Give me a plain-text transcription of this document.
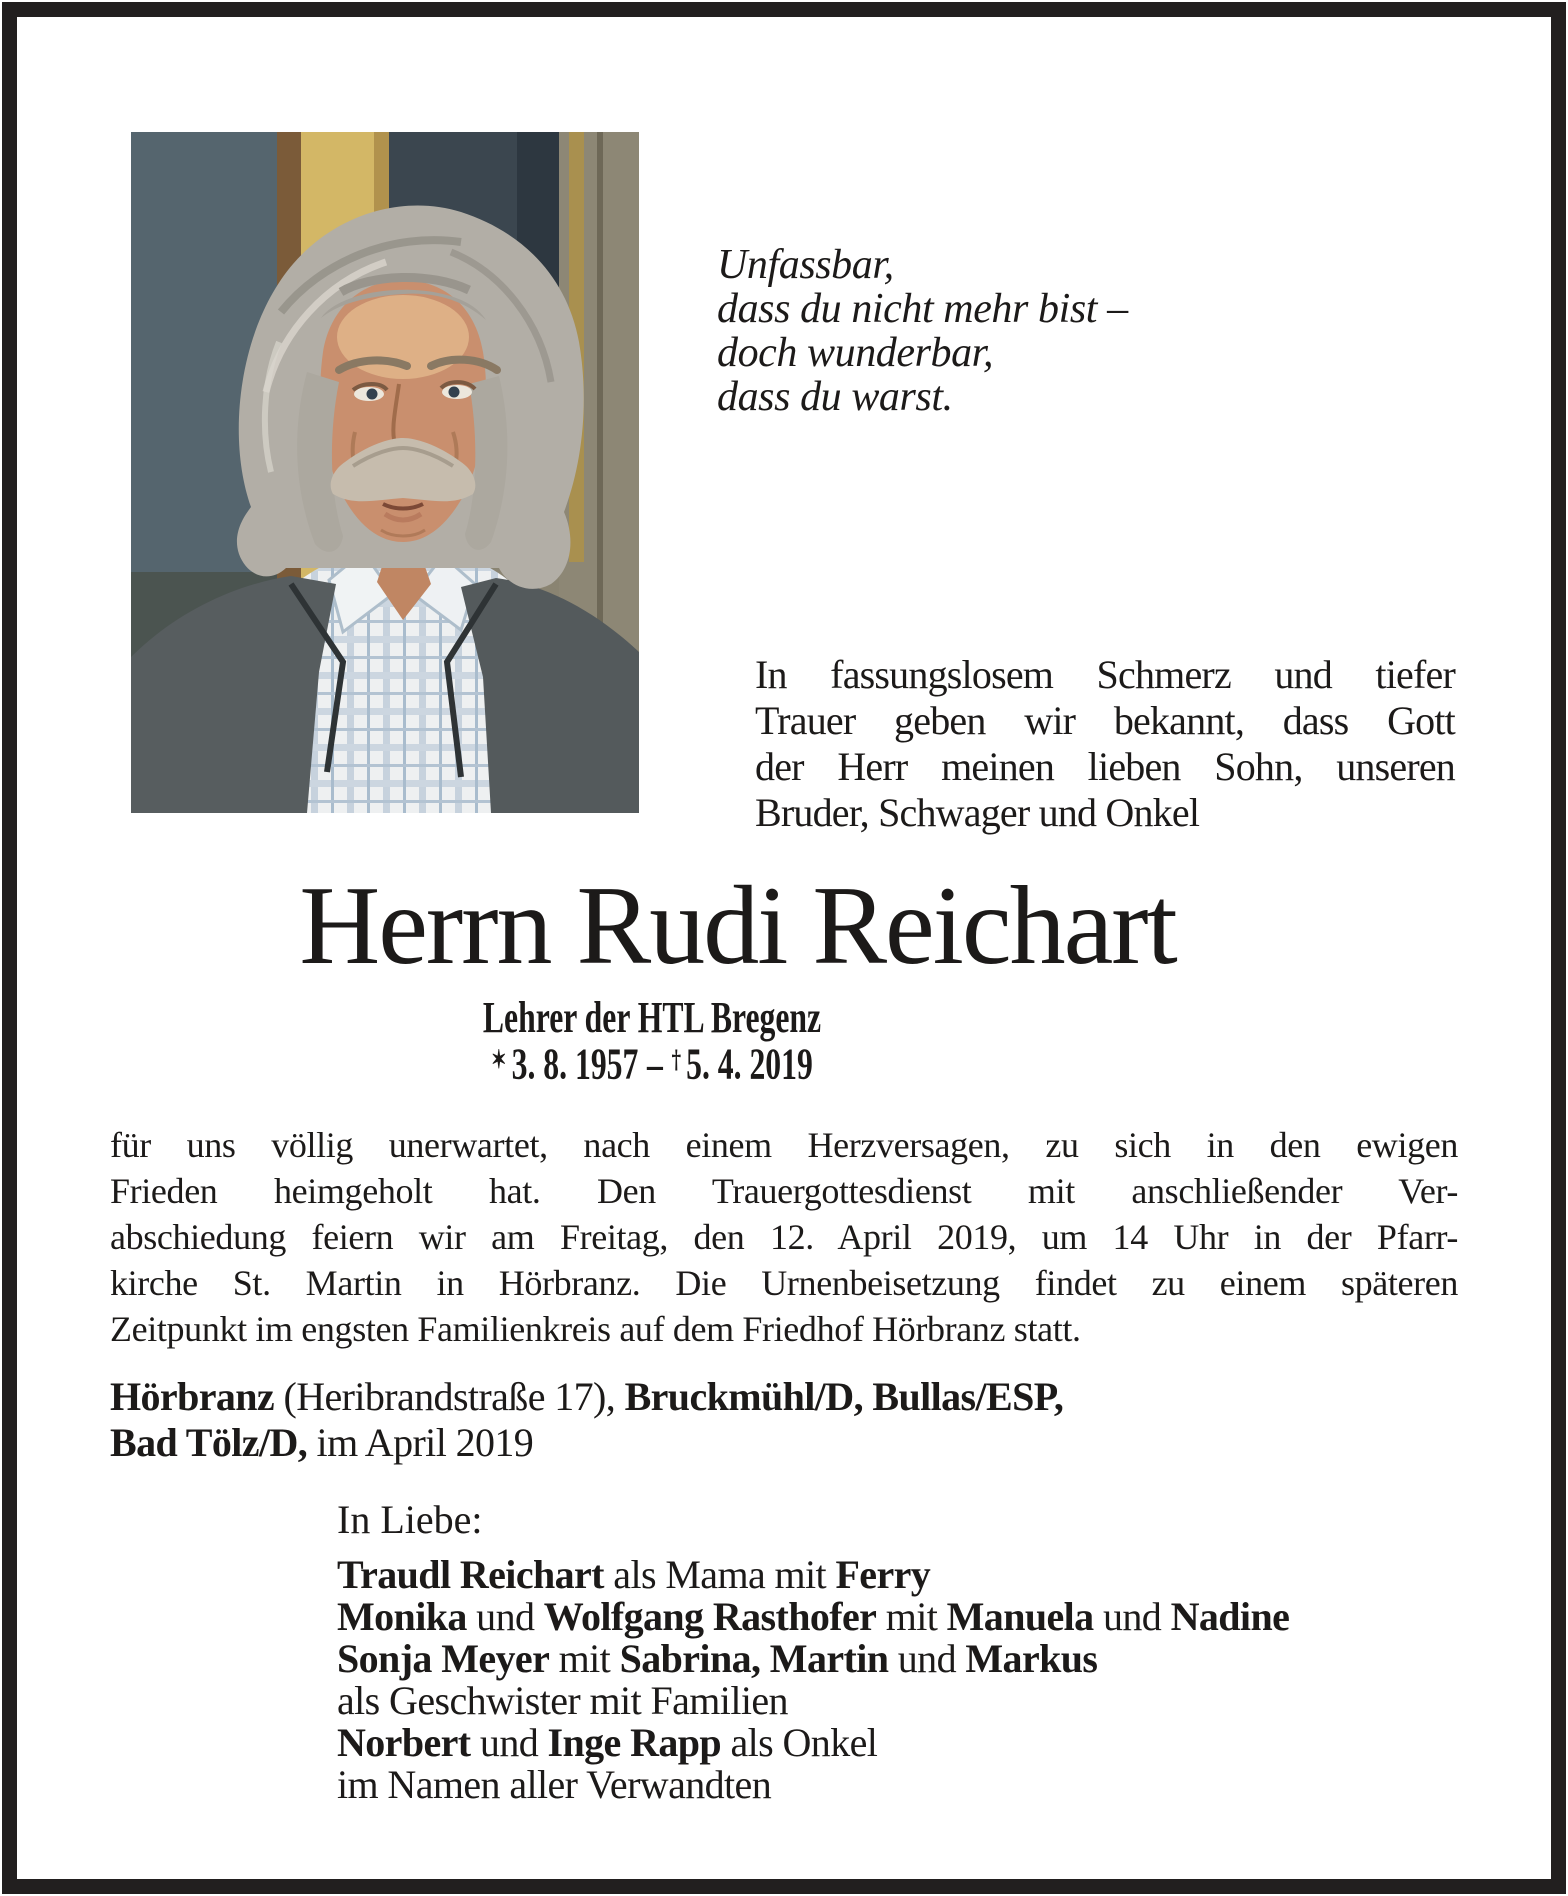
Unfassbar,
dass du nicht mehr bist –
doch wunderbar,
dass du warst.
In fassungslosem Schmerz und tiefer
Trauer geben wir bekannt, dass Gott
der Herr meinen lieben Sohn, unseren
Bruder, Schwager und Onkel
Herrn Rudi Reichart
Lehrer der HTL Bregenz
✶ 3. 8. 1957 – † 5. 4. 2019
für uns völlig unerwartet, nach einem Herzversagen, zu sich in den ewigen
Frieden heimgeholt hat. Den Trauergottesdienst mit anschließender Ver-
abschiedung feiern wir am Freitag, den 12. April 2019, um 14 Uhr in der Pfarr-
kirche St. Martin in Hörbranz. Die Urnenbeisetzung findet zu einem späteren
Zeitpunkt im engsten Familienkreis auf dem Friedhof Hörbranz statt.
Hörbranz (Heribrandstraße 17), Bruckmühl/D, Bullas/ESP,
Bad Tölz/D, im April 2019
In Liebe:
Traudl Reichart als Mama mit Ferry
Monika und Wolfgang Rasthofer mit Manuela und Nadine
Sonja Meyer mit Sabrina, Martin und Markus
als Geschwister mit Familien
Norbert und Inge Rapp als Onkel
im Namen aller Verwandten
